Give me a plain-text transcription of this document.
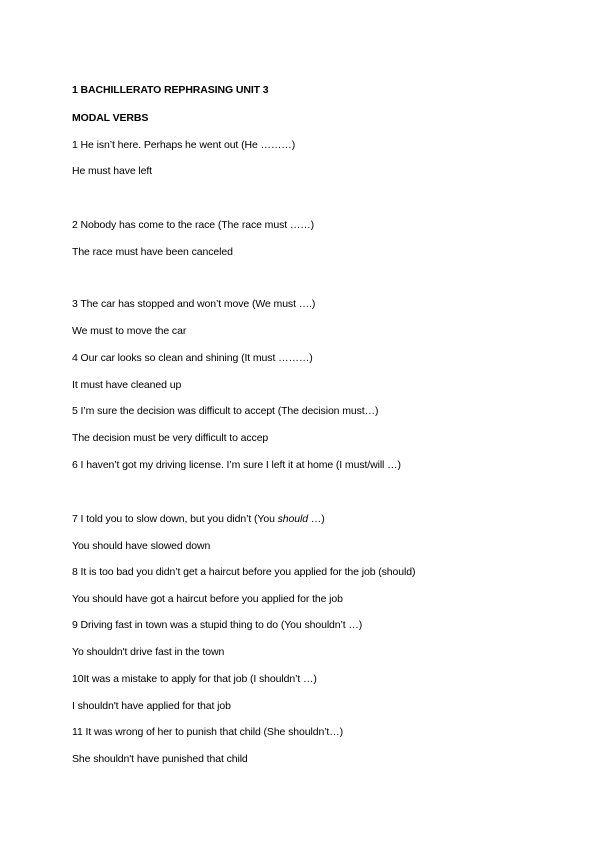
1 BACHILLERATO REPHRASING UNIT 3
MODAL VERBS
1 He isn’t here. Perhaps he went out (He ………)
He must have left
2 Nobody has come to the race (The race must ……)
The race must have been canceled
3 The car has stopped and won’t move (We must ….)
We must to move the car
4 Our car looks so clean and shining (It must ………)
It must have cleaned up
5 I’m sure the decision was difficult to accept (The decision must…)
The decision must be very difficult to accep
6 I haven’t got my driving license. I’m sure I left it at home (I must/will …)
7 I told you to slow down, but you didn’t (You should …)
You should have slowed down
8 It is too bad you didn’t get a haircut before you applied for the job (should)
You should have got a haircut before you applied for the job
9 Driving fast in town was a stupid thing to do (You shouldn’t …)
Yo shouldn't drive fast in the town
10It was a mistake to apply for that job (I shouldn’t …)
I shouldn't have applied for that job
11 It was wrong of her to punish that child (She shouldn’t…)
She shouldn't have punished that child
